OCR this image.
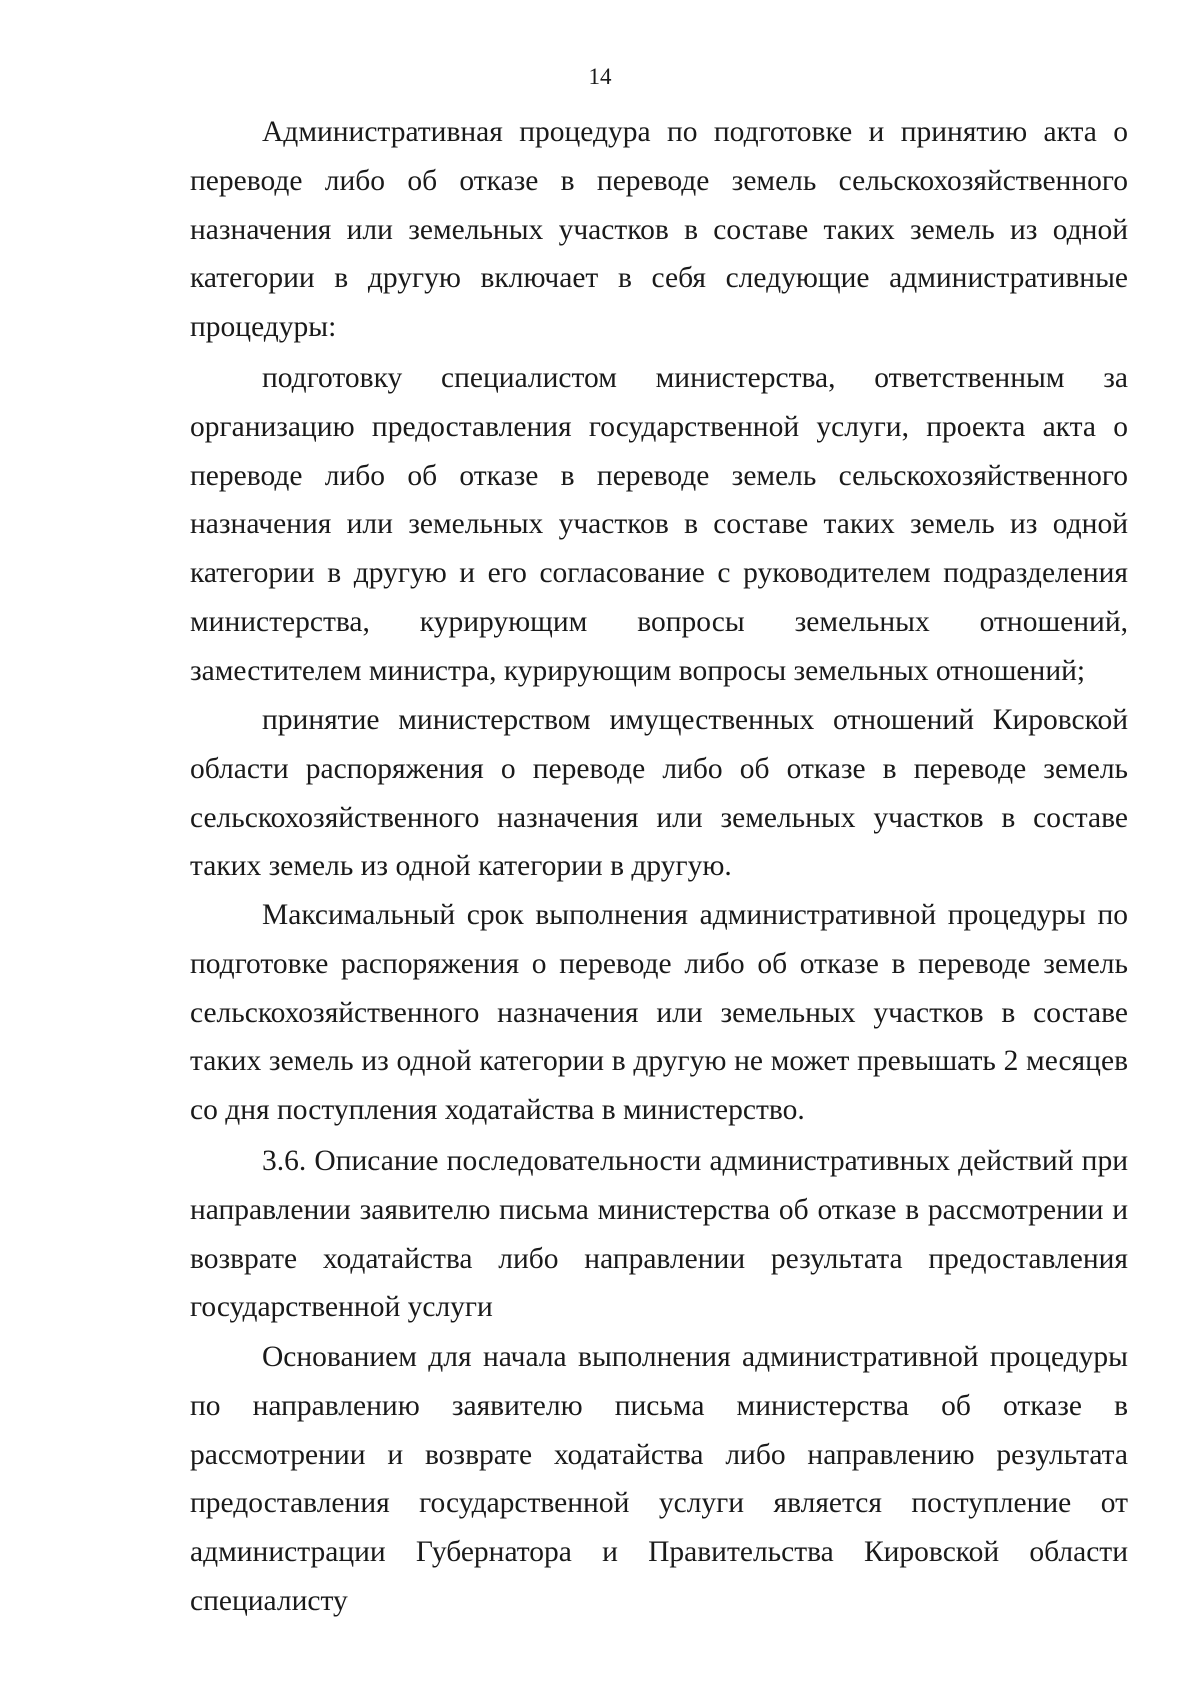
14

Административная процедура по подготовке и принятию акта о переводе либо об отказе в переводе земель сельскохозяйственного назначения или земельных участков в составе таких земель из одной категории в другую включает в себя следующие административные процедуры:

подготовку специалистом министерства, ответственным за организацию предоставления государственной услуги, проекта акта о переводе либо об отказе в переводе земель сельскохозяйственного назначения или земельных участков в составе таких земель из одной категории в другую и его согласование с руководителем подразделения министерства, курирующим вопросы земельных отношений, заместителем министра, курирующим вопросы земельных отношений;

принятие министерством имущественных отношений Кировской области распоряжения о переводе либо об отказе в переводе земель сельскохозяйственного назначения или земельных участков в составе таких земель из одной категории в другую.

Максимальный срок выполнения административной процедуры по подготовке распоряжения о переводе либо об отказе в переводе земель сельскохозяйственного назначения или земельных участков в составе таких земель из одной категории в другую не может превышать 2 месяцев со дня поступления ходатайства в министерство.

3.6. Описание последовательности административных действий при направлении заявителю письма министерства об отказе в рассмотрении и возврате ходатайства либо направлении результата предоставления государственной услуги

Основанием для начала выполнения административной процедуры по направлению заявителю письма министерства об отказе в рассмотрении и возврате ходатайства либо направлению результата предоставления государственной услуги является поступление от администрации Губернатора и Правительства Кировской области специалисту
